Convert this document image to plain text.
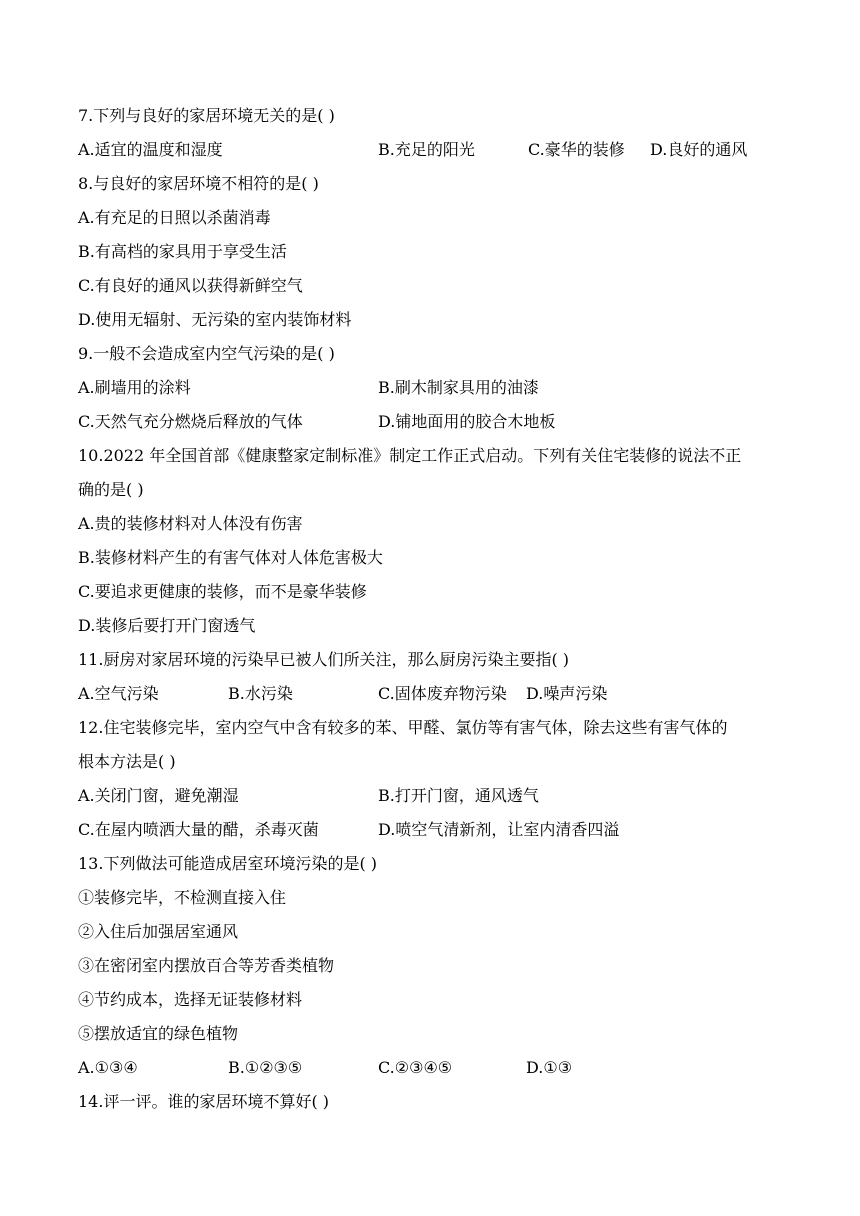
7.下列与良好的家居环境无关的是( )
A.适宜的温度和湿度	B.充足的阳光	C.豪华的装修 D.良好的通风
8.与良好的家居环境不相符的是( )
A.有充足的日照以杀菌消毒
B.有高档的家具用于享受生活
C.有良好的通风以获得新鲜空气
D.使用无辐射、无污染的室内装饰材料
9.一般不会造成室内空气污染的是( )
A.刷墙用的涂料	B.刷木制家具用的油漆
C.天然气充分燃烧后释放的气体	D.铺地面用的胶合木地板
10.2022 年全国首部《健康整家定制标准》制定工作正式启动。下列有关住宅装修的说法不正
确的是( )
A.贵的装修材料对人体没有伤害
B.装修材料产生的有害气体对人体危害极大
C.要追求更健康的装修，而不是豪华装修
D.装修后要打开门窗透气
11.厨房对家居环境的污染早已被人们所关注，那么厨房污染主要指( )
A.空气污染	B.水污染	C.固体废弃物污染 D.噪声污染
12.住宅装修完毕，室内空气中含有较多的苯、甲醛、氯仿等有害气体，除去这些有害气体的
根本方法是( )
A.关闭门窗，避免潮湿	B.打开门窗，通风透气
C.在屋内喷洒大量的醋，杀毒灭菌	D.喷空气清新剂，让室内清香四溢
13.下列做法可能造成居室环境污染的是( )
①装修完毕，不检测直接入住
②入住后加强居室通风
③在密闭室内摆放百合等芳香类植物
④节约成本，选择无证装修材料
⑤摆放适宜的绿色植物
A.①③④	B.①②③⑤	C.②③④⑤	D.①③
14.评一评。谁的家居环境不算好( )
